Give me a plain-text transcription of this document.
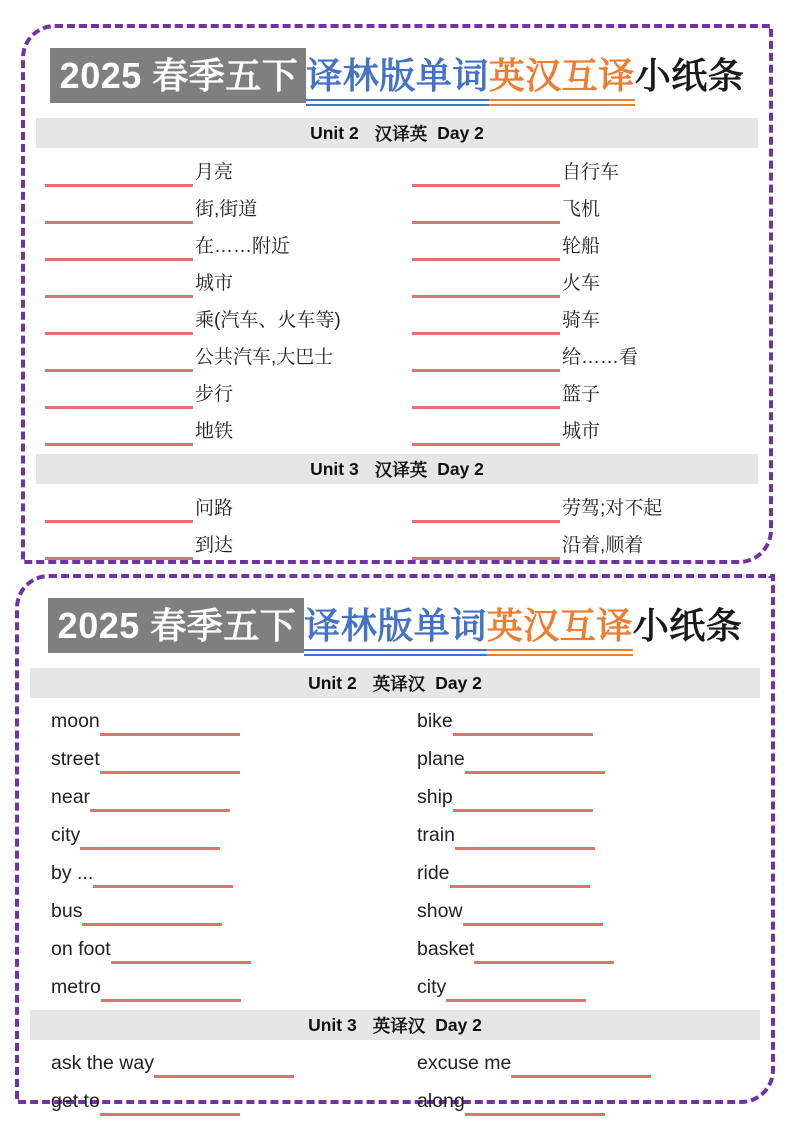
2025 春季五下 译林版单词英汉互译小纸条
Unit 2 汉译英 Day 2
月亮	自行车
街,街道	飞机
在……附近	轮船
城市	火车
乘(汽车、火车等)	骑车
公共汽车,大巴士	给……看
步行	篮子
地铁	城市
Unit 3 汉译英 Day 2
问路	劳驾;对不起
到达	沿着,顺着
2025 春季五下 译林版单词英汉互译小纸条
Unit 2 英译汉 Day 2
moon	bike
street	plane
near	ship
city	train
by ...	ride
bus	show
on foot	basket
metro	city
Unit 3 英译汉 Day 2
ask the way	excuse me
get to	along
